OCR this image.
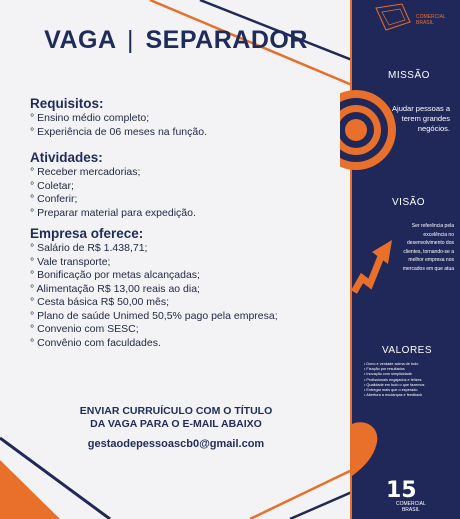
VAGA | SEPARADOR
Requisitos:
° Ensino médio completo;
° Experiência de 06 meses na função.
Atividades:
° Receber mercadorias;
° Coletar;
° Conferir;
° Preparar material para expedição.
Empresa oferece:
° Salário de R$ 1.438,71;
° Vale transporte;
° Bonificação por metas alcançadas;
° Alimentação R$ 13,00 reais ao dia;
° Cesta básica R$ 50,00 mês;
° Plano de saúde Unimed 50,5% pago pela empresa;
° Convenio com SESC;
° Convênio com faculdades.
ENVIAR CURRUÍCULO COM O TÍTULO
DA VAGA PARA O E-MAIL ABAIXO
gestaodepessoascb0@gmail.com
COMERCIAL
BRASIL
MISSÃO
Ajudar pessoas a terem grandes negócios.
VISÃO
Ser referência pela excelência no desenvolvimento dos clientes, tornando-se a melhor empresa nos mercados em que atua
VALORES
• Dono e verdade acima de tudo
• Fixação por resultados
• Inovação com simplicidade
• Profissionais engajados e felizes
• Qualidade em tudo o que fazemos
• Entregar mais que o esperado
• Abertura a mudanças e feedback
15
COMERCIAL
BRASIL
